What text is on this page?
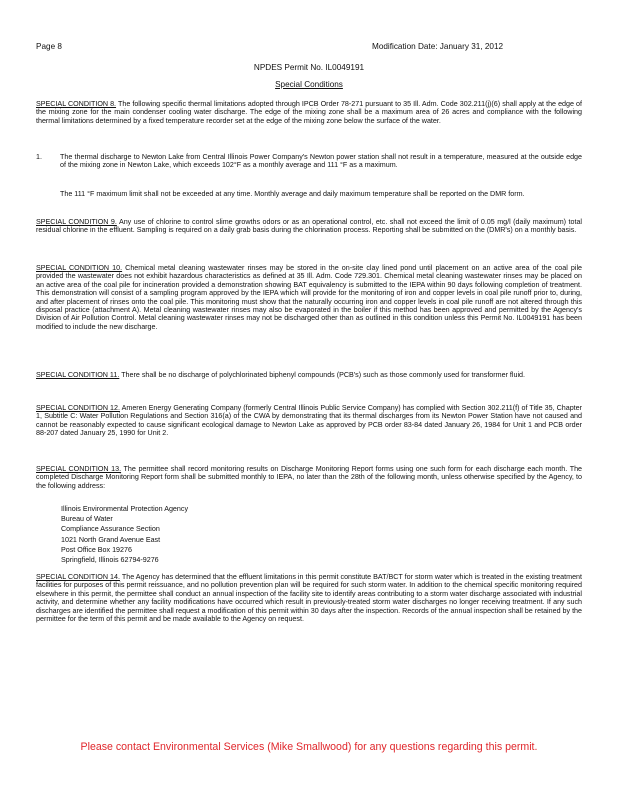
Page 8	Modification Date: January 31, 2012
NPDES Permit No. IL0049191
Special Conditions

SPECIAL CONDITION 8. The following specific thermal limitations adopted through IPCB Order 78-271 pursuant to 35 Ill. Adm. Code 302.211(j)(6) shall apply at the edge of the mixing zone for the main condenser cooling water discharge. The edge of the mixing zone shall be a maximum area of 26 acres and compliance with the following thermal limitations determined by a fixed temperature recorder set at the edge of the mixing zone below the surface of the water.

1.	The thermal discharge to Newton Lake from Central Illinois Power Company's Newton power station shall not result in a temperature, measured at the outside edge of the mixing zone in Newton Lake, which exceeds 102°F as a monthly average and 111 °F as a maximum.

The 111 °F maximum limit shall not be exceeded at any time. Monthly average and daily maximum temperature shall be reported on the DMR form.

SPECIAL CONDITION 9. Any use of chlorine to control slime growths odors or as an operational control, etc. shall not exceed the limit of 0.05 mg/l (daily maximum) total residual chlorine in the effluent. Sampling is required on a daily grab basis during the chlorination process. Reporting shall be submitted on the (DMR's) on a monthly basis.

SPECIAL CONDITION 10. Chemical metal cleaning wastewater rinses may be stored in the on-site clay lined pond until placement on an active area of the coal pile provided the wastewater does not exhibit hazardous characteristics as defined at 35 Ill. Adm. Code 729.301. Chemical metal cleaning wastewater rinses may be placed on an active area of the coal pile for incineration provided a demonstration showing BAT equivalency is submitted to the IEPA within 90 days following completion of treatment. This demonstration will consist of a sampling program approved by the IEPA which will provide for the monitoring of iron and copper levels in coal pile runoff prior to, during, and after placement of rinses onto the coal pile. This monitoring must show that the naturally occurring iron and copper levels in coal pile runoff are not altered through this disposal practice (attachment A). Metal cleaning wastewater rinses may also be evaporated in the boiler if this method has been approved and permitted by the Agency's Division of Air Pollution Control. Metal cleaning wastewater rinses may not be discharged other than as outlined in this condition unless this Permit No. IL0049191 has been modified to include the new discharge.

SPECIAL CONDITION 11. There shall be no discharge of polychlorinated biphenyl compounds (PCB's) such as those commonly used for transformer fluid.

SPECIAL CONDITION 12. Ameren Energy Generating Company (formerly Central Illinois Public Service Company) has complied with Section 302.211(f) of Title 35, Chapter 1, Subtitle C: Water Pollution Regulations and Section 316(a) of the CWA by demonstrating that its thermal discharges from its Newton Power Station have not caused and cannot be reasonably expected to cause significant ecological damage to Newton Lake as approved by PCB order 83-84 dated January 26, 1984 for Unit 1 and PCB order 88-207 dated January 25, 1990 for Unit 2.

SPECIAL CONDITION 13. The permittee shall record monitoring results on Discharge Monitoring Report forms using one such form for each discharge each month. The completed Discharge Monitoring Report form shall be submitted monthly to IEPA, no later than the 28th of the following month, unless otherwise specified by the Agency, to the following address:

Illinois Environmental Protection Agency
Bureau of Water
Compliance Assurance Section
1021 North Grand Avenue East
Post Office Box 19276
Springfield, Illinois 62794-9276

SPECIAL CONDITION 14. The Agency has determined that the effluent limitations in this permit constitute BAT/BCT for storm water which is treated in the existing treatment facilities for purposes of this permit reissuance, and no pollution prevention plan will be required for such storm water. In addition to the chemical specific monitoring required elsewhere in this permit, the permittee shall conduct an annual inspection of the facility site to identify areas contributing to a storm water discharge associated with industrial activity, and determine whether any facility modifications have occurred which result in previously-treated storm water discharges no longer receiving treatment. If any such discharges are identified the permittee shall request a modification of this permit within 30 days after the inspection. Records of the annual inspection shall be retained by the permittee for the term of this permit and be made available to the Agency on request.

Please contact Environmental Services (Mike Smallwood) for any questions regarding this permit.
